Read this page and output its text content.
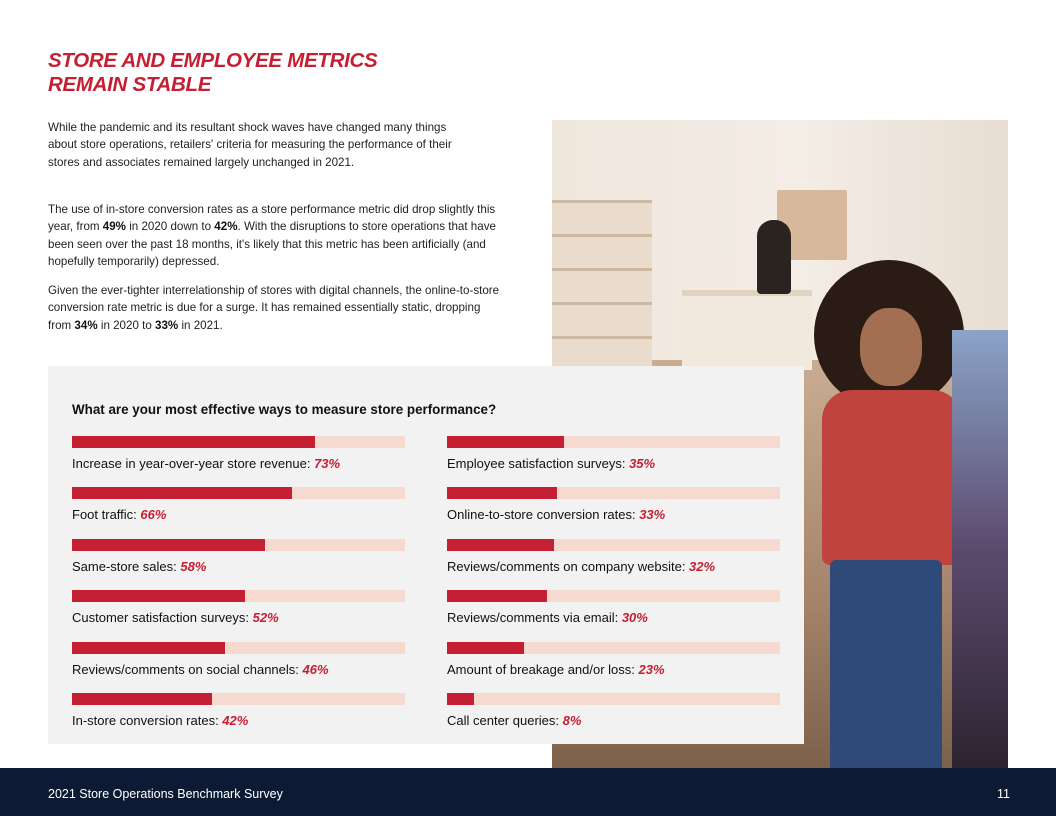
STORE AND EMPLOYEE METRICS
REMAIN STABLE

While the pandemic and its resultant shock waves have changed many things about store operations, retailers' criteria for measuring the performance of their stores and associates remained largely unchanged in 2021.

The use of in-store conversion rates as a store performance metric did drop slightly this year, from 49% in 2020 down to 42%. With the disruptions to store operations that have been seen over the past 18 months, it's likely that this metric has been artificially (and hopefully temporarily) depressed.

Given the ever-tighter interrelationship of stores with digital channels, the online-to-store conversion rate metric is due for a surge. It has remained essentially static, dropping from 34% in 2020 to 33% in 2021.

What are your most effective ways to measure store performance?
Increase in year-over-year store revenue: 73%
Foot traffic: 66%
Same-store sales: 58%
Customer satisfaction surveys: 52%
Reviews/comments on social channels: 46%
In-store conversion rates: 42%
Employee satisfaction surveys: 35%
Online-to-store conversion rates: 33%
Reviews/comments on company website: 32%
Reviews/comments via email: 30%
Amount of breakage and/or loss: 23%
Call center queries: 8%
2021 Store Operations Benchmark Survey	11
